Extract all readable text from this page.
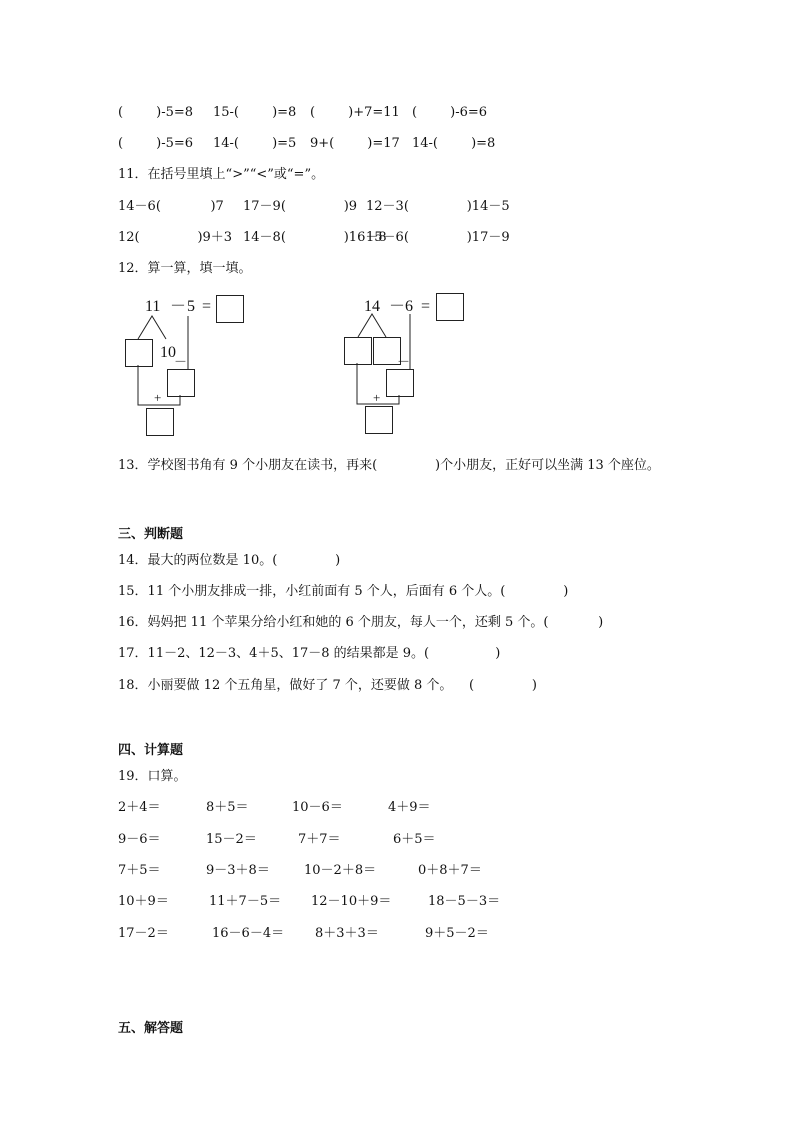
(        )-5=8 15-(        )=8 (        )+7=11 (        )-6=6
(        )-5=6 14-(        )=5 9+(        )=17 14-(        )=8
11．在括号里填上“>”“<”或“=”。
14－6(            )7 17－9(              )9 12－3(              )14－5
12(              )9＋3 14－8(              )16－8
15－6(              )17－9
12．算一算，填一填。
11 － 5 =
10
－
+
14 － 6 =
－
+
13．学校图书角有 9 个小朋友在读书，再来(              )个小朋友，正好可以坐满 13 个座位。
三、判断题
14．最大的两位数是 10。(              )
15．11 个小朋友排成一排，小红前面有 5 个人，后面有 6 个人。(              )
16．妈妈把 11 个苹果分给小红和她的 6 个朋友，每人一个，还剩 5 个。(            )
17．11－2、12－3、4＋5、17－8 的结果都是 9。(                )
18．小丽要做 12 个五角星，做好了 7 个，还要做 8 个。    (              )
四、计算题
19．口算。
2＋4＝	8＋5＝	10－6＝	4＋9＝
9－6＝	15－2＝	7＋7＝	6＋5＝
7＋5＝	9－3＋8＝	10－2＋8＝	0＋8＋7＝
10＋9＝	11＋7－5＝ 12－10＋9＝	18－5－3＝
17－2＝	16－6－4＝ 8＋3＋3＝	9＋5－2＝
五、解答题
